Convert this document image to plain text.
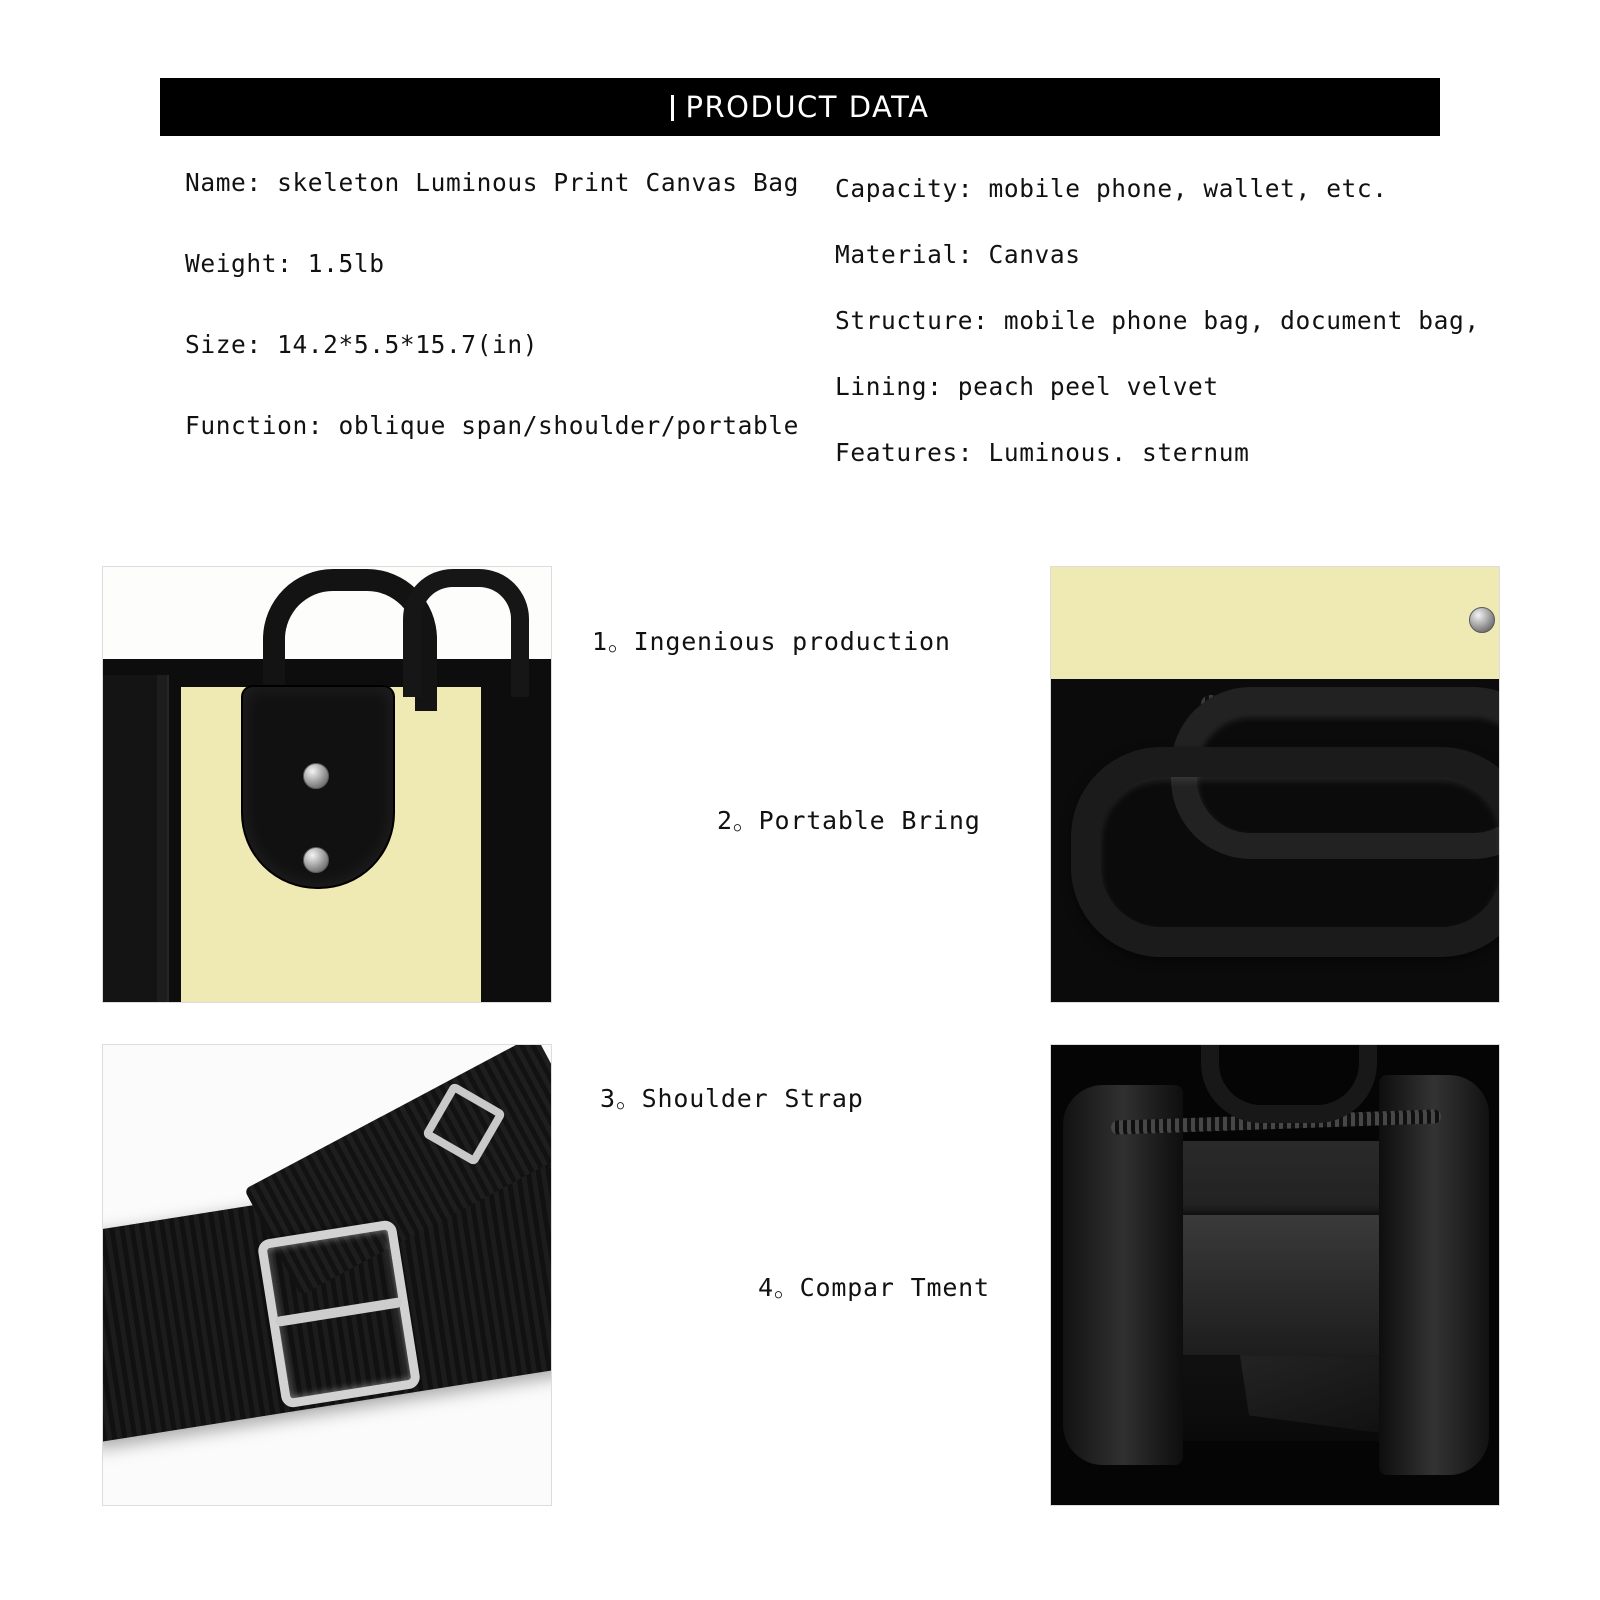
PRODUCT DATA
Name: skeleton Luminous Print Canvas Bag
Weight: 1.5lb
Size: 14.2*5.5*15.7(in)
Function: oblique span/shoulder/portable
Capacity: mobile phone, wallet, etc.
Material: Canvas
Structure: mobile phone bag, document bag,
Lining: peach peel velvet
Features: Luminous. sternum
1。Ingenious production
2。Portable Bring
3。Shoulder Strap
4。Compar Tment
